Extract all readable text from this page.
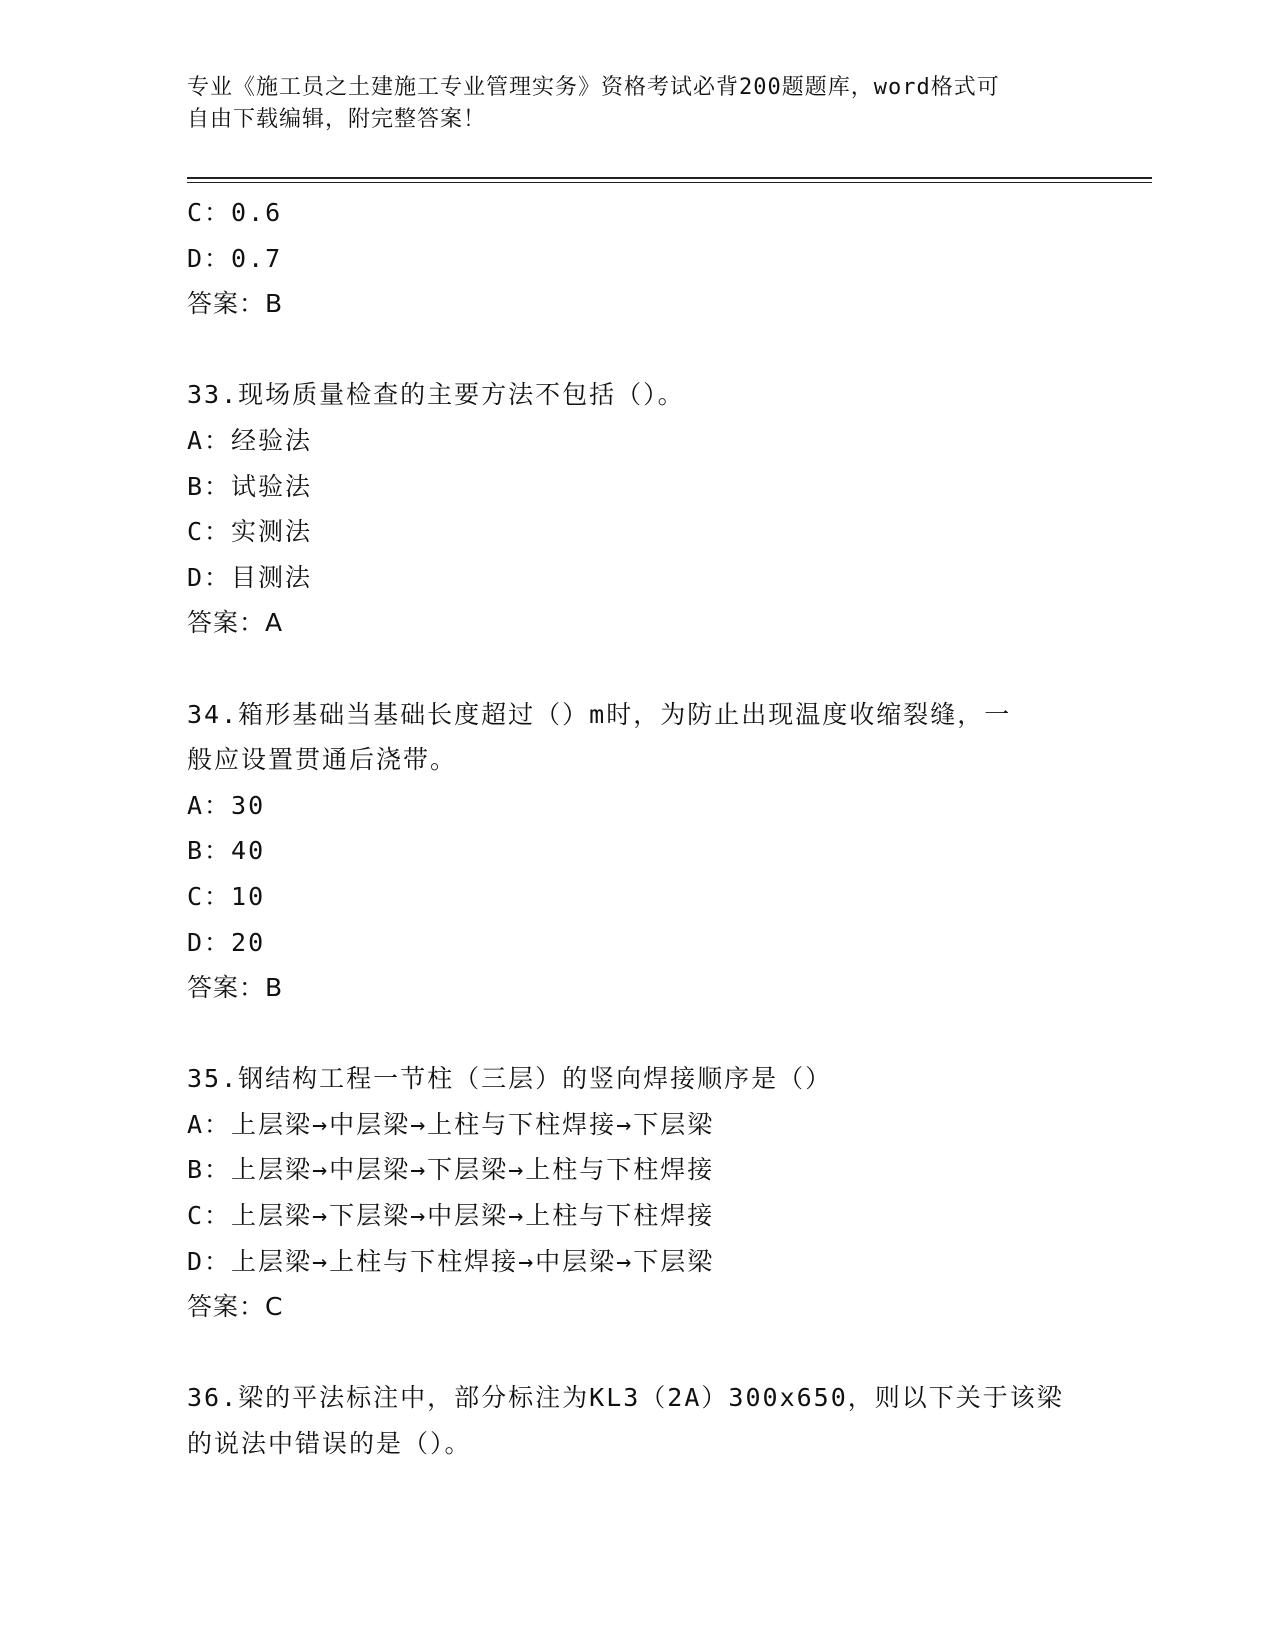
专业《施工员之土建施工专业管理实务》资格考试必背200题题库，word格式可
自由下载编辑，附完整答案！
C：0.6
D：0.7
答案：B
33.现场质量检查的主要方法不包括（）。
A：经验法
B：试验法
C：实测法
D：目测法
答案：A
34.箱形基础当基础长度超过（）m时，为防止出现温度收缩裂缝，一
般应设置贯通后浇带。
A：30
B：40
C：10
D：20
答案：B
35.钢结构工程一节柱（三层）的竖向焊接顺序是（）
A：上层梁→中层梁→上柱与下柱焊接→下层梁
B：上层梁→中层梁→下层梁→上柱与下柱焊接
C：上层梁→下层梁→中层梁→上柱与下柱焊接
D：上层梁→上柱与下柱焊接→中层梁→下层梁
答案：C
36.梁的平法标注中，部分标注为KL3（2A）300x650，则以下关于该梁
的说法中错误的是（）。
